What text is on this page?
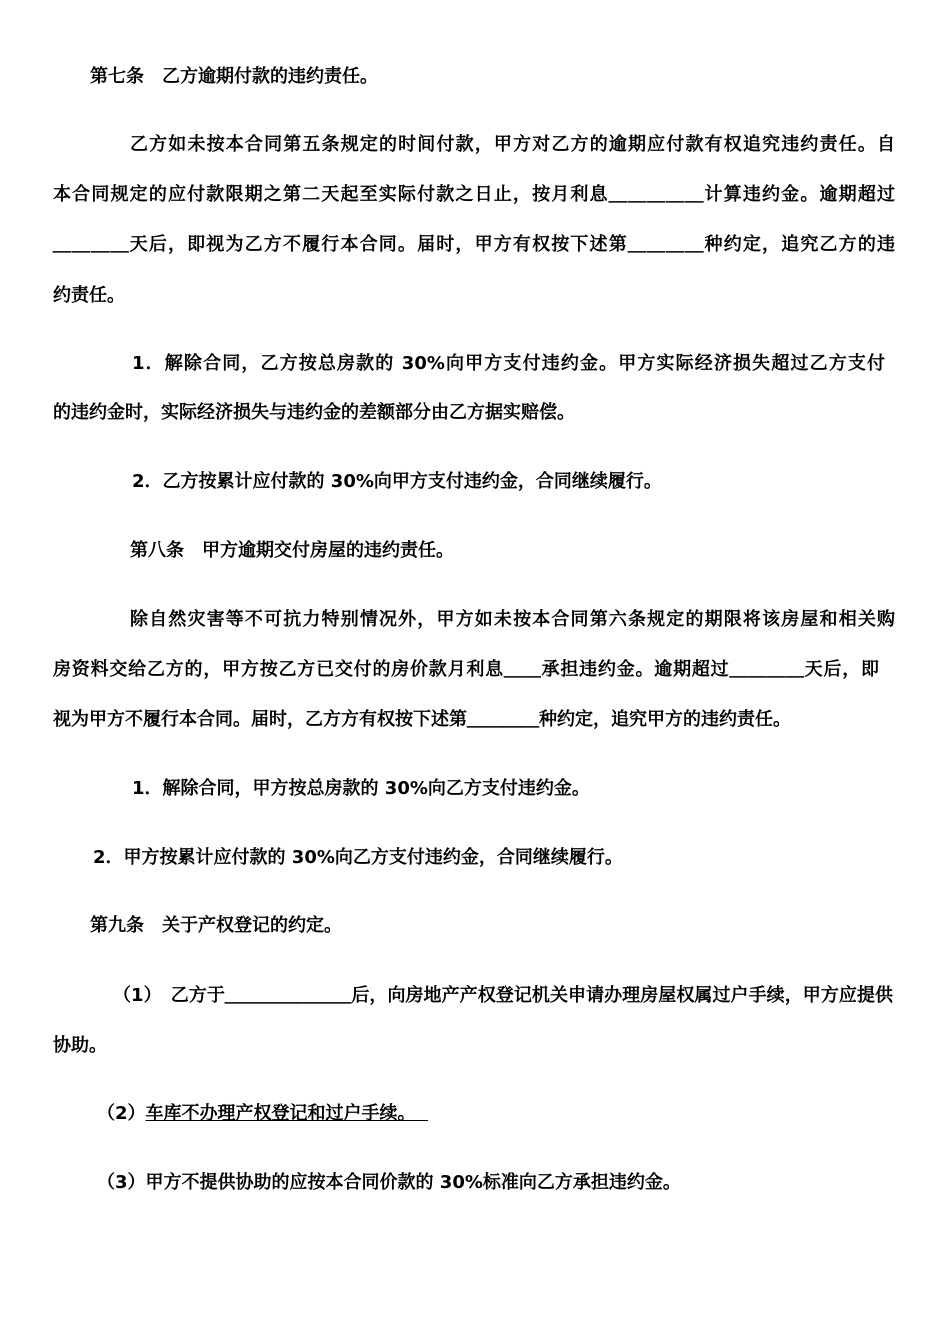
第七条　乙方逾期付款的违约责任。
乙方如未按本合同第五条规定的时间付款，甲方对乙方的逾期应付款有权追究违约责任。自
本合同规定的应付款限期之第二天起至实际付款之日止，按月利息＿＿＿＿＿计算违约金。逾期超过
＿＿＿＿天后，即视为乙方不履行本合同。届时，甲方有权按下述第＿＿＿＿种约定，追究乙方的违
约责任。
1．解除合同，乙方按总房款的 30%向甲方支付违约金。甲方实际经济损失超过乙方支付
的违约金时，实际经济损失与违约金的差额部分由乙方据实赔偿。
2．乙方按累计应付款的 30%向甲方支付违约金，合同继续履行。
第八条　甲方逾期交付房屋的违约责任。
除自然灾害等不可抗力特别情况外，甲方如未按本合同第六条规定的期限将该房屋和相关购
房资料交给乙方的，甲方按乙方已交付的房价款月利息＿＿承担违约金。逾期超过＿＿＿＿天后，即
视为甲方不履行本合同。届时，乙方方有权按下述第＿＿＿＿种约定，追究甲方的违约责任。
1．解除合同，甲方按总房款的 30%向乙方支付违约金。
2．甲方按累计应付款的 30%向乙方支付违约金，合同继续履行。
第九条　关于产权登记的约定。
（1）　乙方于＿＿＿＿＿＿＿后，向房地产产权登记机关申请办理房屋权属过户手续，甲方应提供
协助。
（2）车库不办理产权登记和过户手续。
（3）甲方不提供协助的应按本合同价款的 30%标准向乙方承担违约金。
